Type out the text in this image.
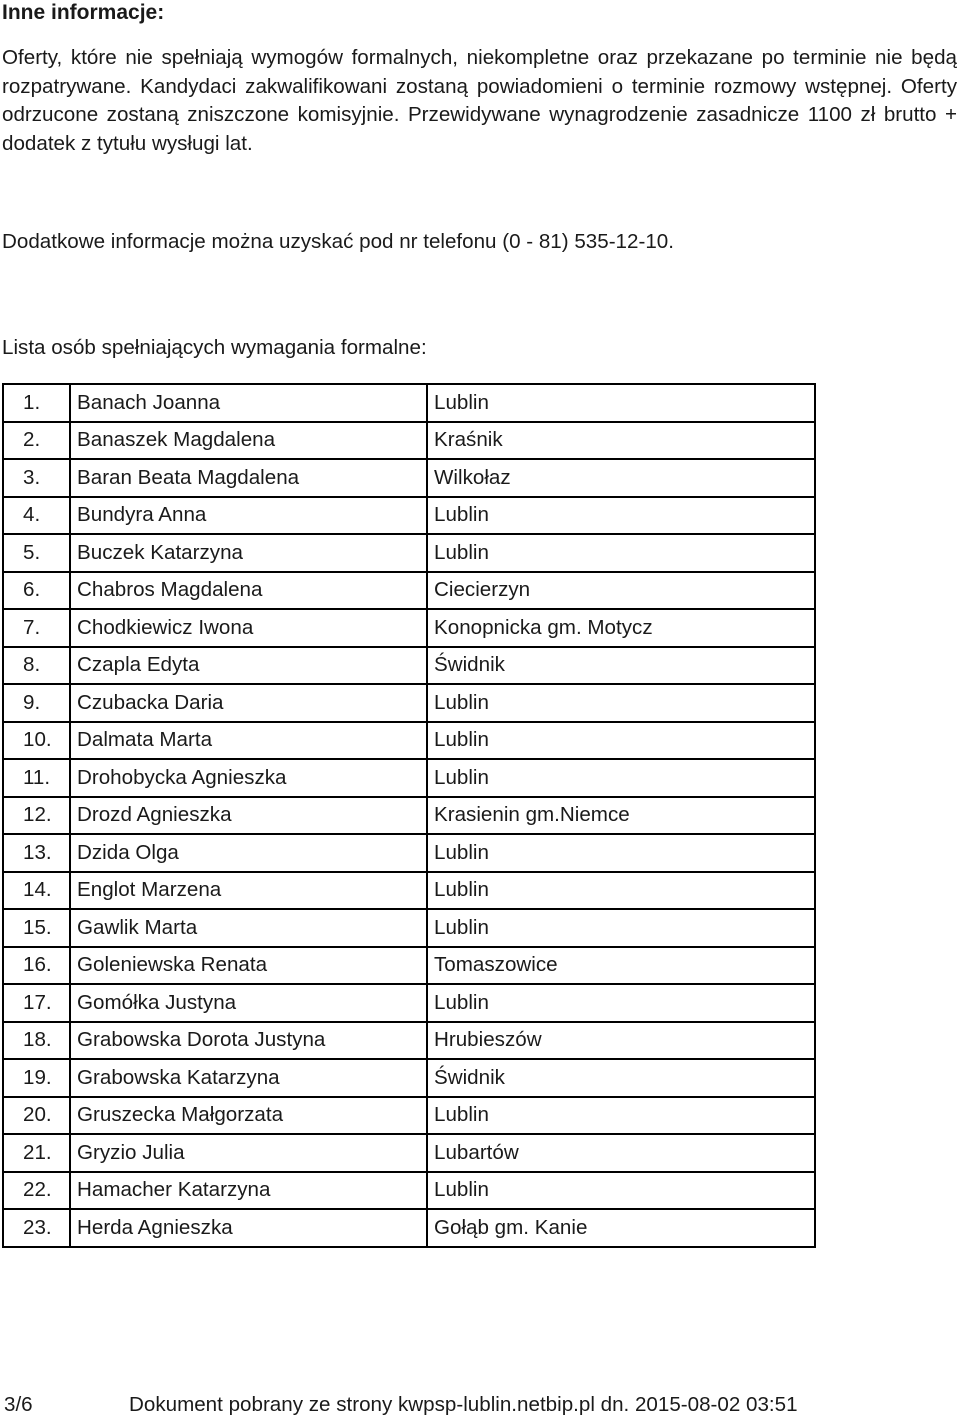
Inne informacje:

Oferty, które nie spełniają wymogów formalnych, niekompletne oraz przekazane po terminie nie będą rozpatrywane. Kandydaci zakwalifikowani zostaną powiadomieni o terminie rozmowy wstępnej. Oferty odrzucone zostaną zniszczone komisyjnie. Przewidywane wynagrodzenie zasadnicze 1100 zł brutto + dodatek z tytułu wysługi lat.

Dodatkowe informacje można uzyskać pod nr telefonu (0 - 81) 535-12-10.

Lista osób spełniających wymagania formalne:

1.	Banach Joanna	Lublin
2.	Banaszek Magdalena	Kraśnik
3.	Baran Beata Magdalena	Wilkołaz
4.	Bundyra Anna	Lublin
5.	Buczek Katarzyna	Lublin
6.	Chabros Magdalena	Ciecierzyn
7.	Chodkiewicz Iwona	Konopnicka gm. Motycz
8.	Czapla Edyta	Świdnik
9.	Czubacka Daria	Lublin
10.	Dalmata Marta	Lublin
11.	Drohobycka Agnieszka	Lublin
12.	Drozd Agnieszka	Krasienin gm.Niemce
13.	Dzida Olga	Lublin
14.	Englot Marzena	Lublin
15.	Gawlik Marta	Lublin
16.	Goleniewska Renata	Tomaszowice
17.	Gomółka Justyna	Lublin
18.	Grabowska Dorota Justyna	Hrubieszów
19.	Grabowska Katarzyna	Świdnik
20.	Gruszecka Małgorzata	Lublin
21.	Gryzio Julia	Lubartów
22.	Hamacher Katarzyna	Lublin
23.	Herda Agnieszka	Gołąb gm. Kanie
3/6	Dokument pobrany ze strony kwpsp-lublin.netbip.pl dn. 2015-08-02 03:51
